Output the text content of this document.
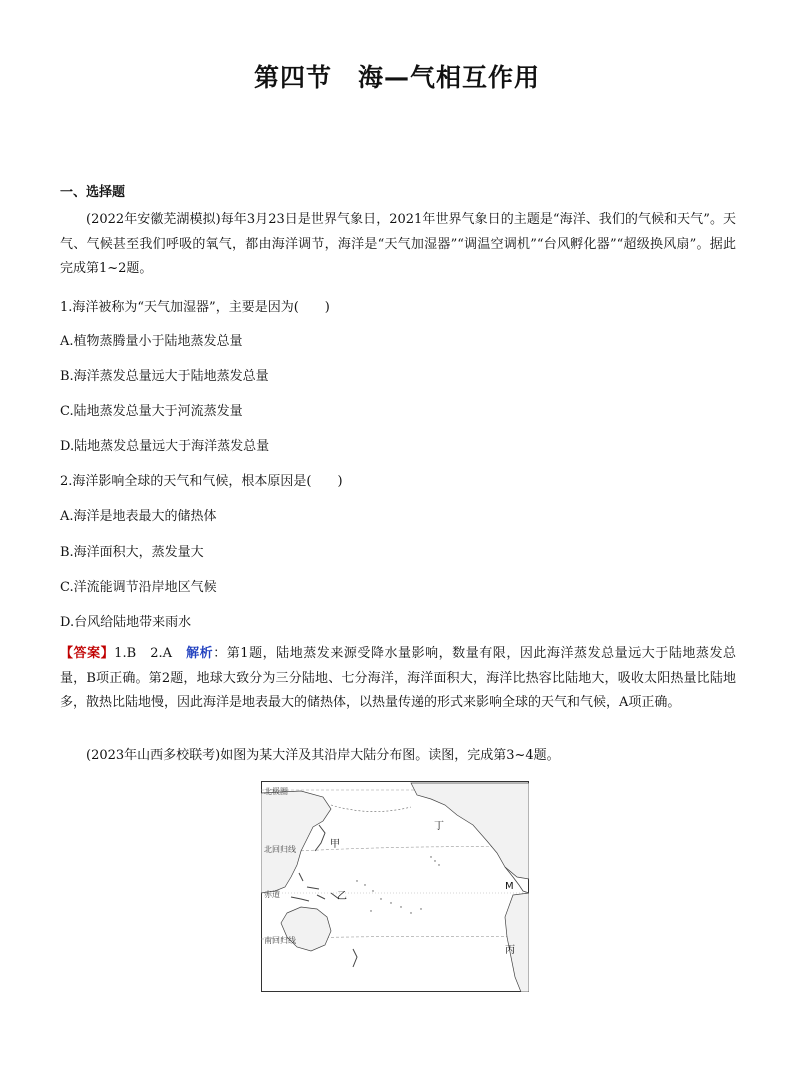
第四节　海—气相互作用
一、选择题
(2022年安徽芜湖模拟)每年3月23日是世界气象日，2021年世界气象日的主题是“海洋、我们的气候和天气”。天气、气候甚至我们呼吸的氧气，都由海洋调节，海洋是“天气加湿器”“调温空调机”“台风孵化器”“超级换风扇”。据此完成第1~2题。
1.海洋被称为“天气加湿器”，主要是因为(　　)
A.植物蒸腾量小于陆地蒸发总量
B.海洋蒸发总量远大于陆地蒸发总量
C.陆地蒸发总量大于河流蒸发量
D.陆地蒸发总量远大于海洋蒸发总量
2.海洋影响全球的天气和气候，根本原因是(　　)
A.海洋是地表最大的储热体
B.海洋面积大，蒸发量大
C.洋流能调节沿岸地区气候
D.台风给陆地带来雨水
【答案】1.B　2.A　解析：第1题，陆地蒸发来源受降水量影响，数量有限，因此海洋蒸发总量远大于陆地蒸发总量，B项正确。第2题，地球大致分为三分陆地、七分海洋，海洋面积大，海洋比热容比陆地大，吸收太阳热量比陆地多，散热比陆地慢，因此海洋是地表最大的储热体，以热量传递的形式来影响全球的天气和气候，A项正确。
(2023年山西多校联考)如图为某大洋及其沿岸大陆分布图。读图，完成第3~4题。
北极圈
北回归线
赤道
南回归线
甲
乙
丙
丁
M
